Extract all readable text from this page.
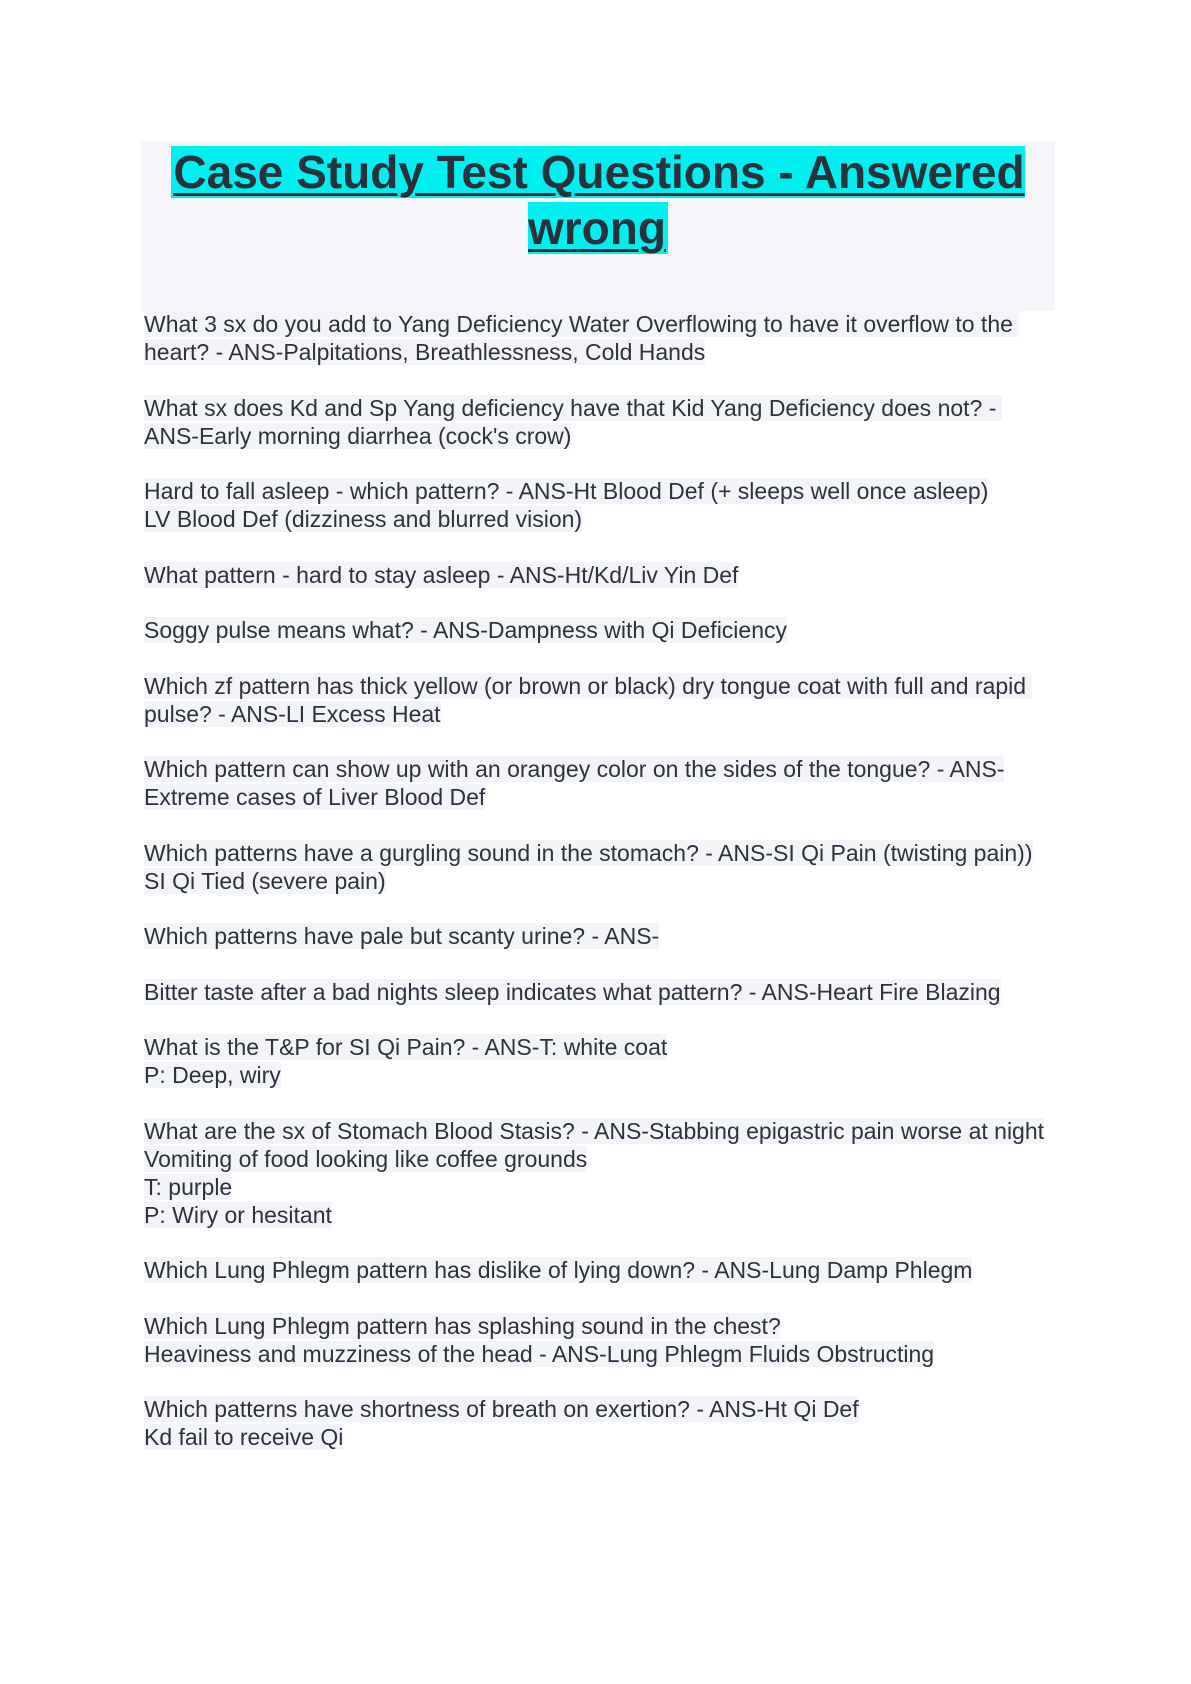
Case Study Test Questions - Answered wrong
What 3 sx do you add to Yang Deficiency Water Overflowing to have it overflow to the heart? - ANS-Palpitations, Breathlessness, Cold Hands
What sx does Kd and Sp Yang deficiency have that Kid Yang Deficiency does not? - ANS-Early morning diarrhea (cock's crow)
Hard to fall asleep - which pattern? - ANS-Ht Blood Def (+ sleeps well once asleep)
LV Blood Def (dizziness and blurred vision)
What pattern - hard to stay asleep - ANS-Ht/Kd/Liv Yin Def
Soggy pulse means what? - ANS-Dampness with Qi Deficiency
Which zf pattern has thick yellow (or brown or black) dry tongue coat with full and rapid pulse? - ANS-LI Excess Heat
Which pattern can show up with an orangey color on the sides of the tongue? - ANS-Extreme cases of Liver Blood Def
Which patterns have a gurgling sound in the stomach? - ANS-SI Qi Pain (twisting pain))
SI Qi Tied (severe pain)
Which patterns have pale but scanty urine? - ANS-
Bitter taste after a bad nights sleep indicates what pattern? - ANS-Heart Fire Blazing
What is the T&P for SI Qi Pain? - ANS-T: white coat
P: Deep, wiry
What are the sx of Stomach Blood Stasis? - ANS-Stabbing epigastric pain worse at night
Vomiting of food looking like coffee grounds
T: purple
P: Wiry or hesitant
Which Lung Phlegm pattern has dislike of lying down? - ANS-Lung Damp Phlegm
Which Lung Phlegm pattern has splashing sound in the chest?
Heaviness and muzziness of the head - ANS-Lung Phlegm Fluids Obstructing
Which patterns have shortness of breath on exertion? - ANS-Ht Qi Def
Kd fail to receive Qi
